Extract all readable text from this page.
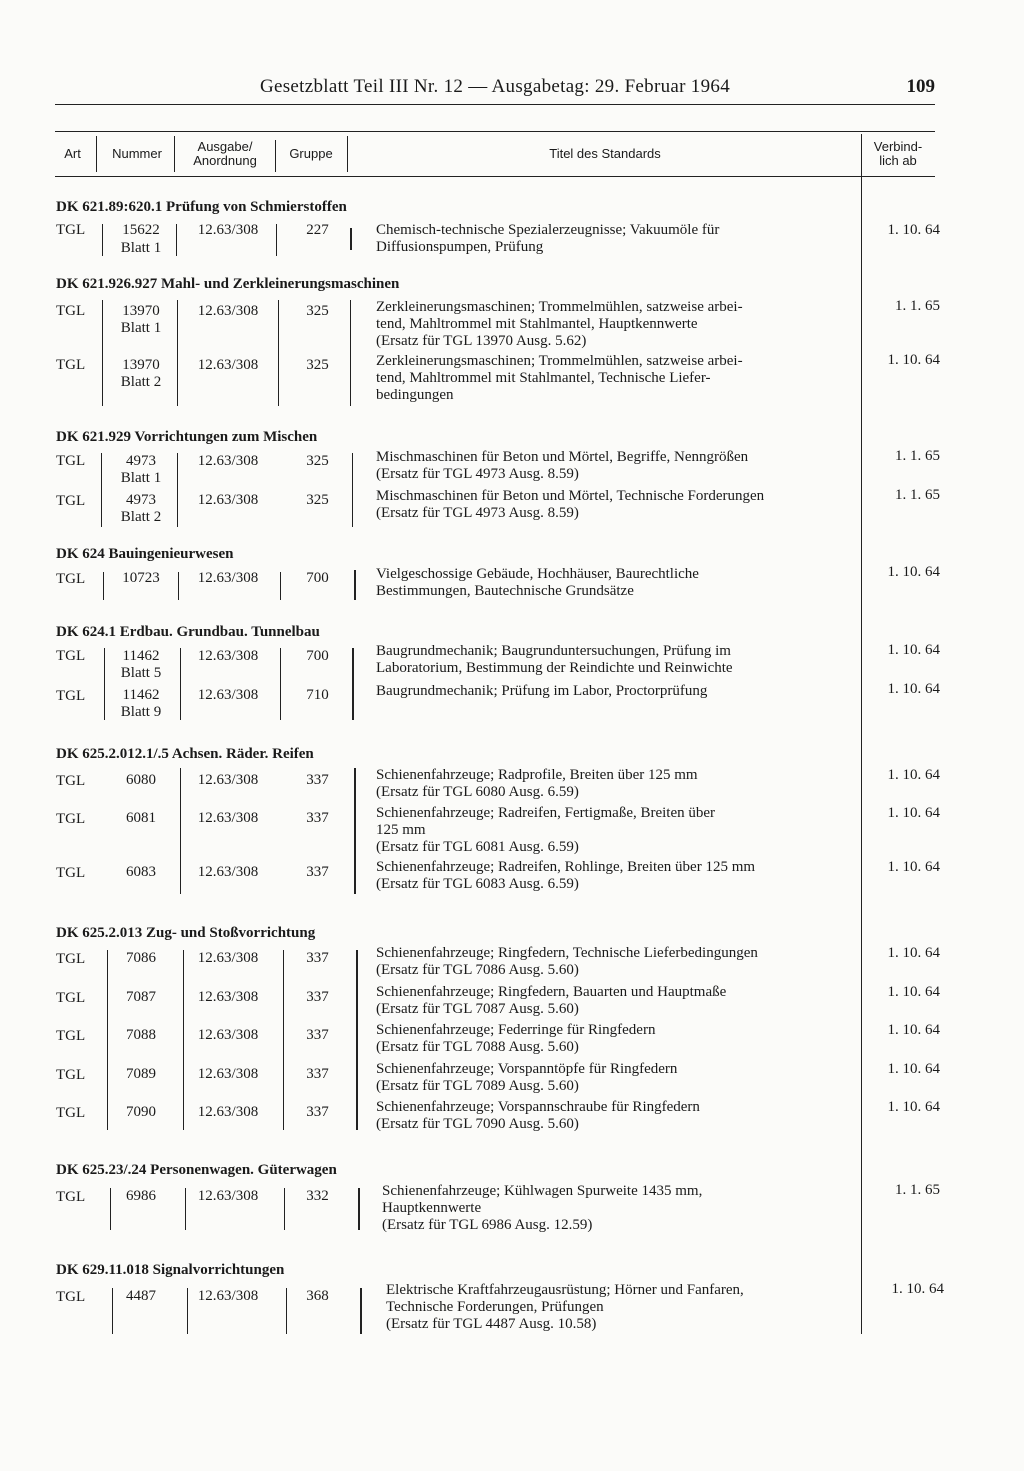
Gesetzblatt Teil III Nr. 12 — Ausgabetag: 29. Februar 1964	109
Art	Nummer	Ausgabe/
Anordnung	Gruppe	Titel des Standards	Verbind-
lich ab
DK 621.89:620.1 Prüfung von Schmierstoffen
TGL	15622
Blatt 1
12.63/308	227	Chemisch-technische Spezialerzeugnisse; Vakuumöle für
Diffusionspumpen, Prüfung
1. 10. 64
DK 621.926.927 Mahl- und Zerkleinerungsmaschinen
TGL	13970
Blatt 1
12.63/308	325	Zerkleinerungsmaschinen; Trommelmühlen, satzweise arbei-
tend, Mahltrommel mit Stahlmantel, Hauptkennwerte
(Ersatz für TGL 13970 Ausg. 5.62)
1. 1. 65
TGL	13970
Blatt 2
12.63/308	325	Zerkleinerungsmaschinen; Trommelmühlen, satzweise arbei-
tend, Mahltrommel mit Stahlmantel, Technische Liefer-
bedingungen
1. 10. 64
DK 621.929 Vorrichtungen zum Mischen
TGL	4973
Blatt 1
12.63/308	325	Mischmaschinen für Beton und Mörtel, Begriffe, Nenngrößen
(Ersatz für TGL 4973 Ausg. 8.59)
1. 1. 65
TGL	4973
Blatt 2
12.63/308	325	Mischmaschinen für Beton und Mörtel, Technische Forderungen
(Ersatz für TGL 4973 Ausg. 8.59)
1. 1. 65
DK 624 Bauingenieurwesen
TGL	10723	12.63/308	700	Vielgeschossige Gebäude, Hochhäuser, Baurechtliche
Bestimmungen, Bautechnische Grundsätze
1. 10. 64
DK 624.1 Erdbau. Grundbau. Tunnelbau
TGL	11462
Blatt 5
12.63/308	700	Baugrundmechanik; Baugrunduntersuchungen, Prüfung im
Laboratorium, Bestimmung der Reindichte und Reinwichte
1. 10. 64
TGL	11462
Blatt 9
12.63/308	710	Baugrundmechanik; Prüfung im Labor, Proctorprüfung	1. 10. 64
DK 625.2.012.1/.5 Achsen. Räder. Reifen
TGL	6080	12.63/308	337	Schienenfahrzeuge; Radprofile, Breiten über 125 mm
(Ersatz für TGL 6080 Ausg. 6.59)
1. 10. 64
TGL	6081	12.63/308	337	Schienenfahrzeuge; Radreifen, Fertigmaße, Breiten über
125 mm
(Ersatz für TGL 6081 Ausg. 6.59)
1. 10. 64
TGL	6083	12.63/308	337	Schienenfahrzeuge; Radreifen, Rohlinge, Breiten über 125 mm
(Ersatz für TGL 6083 Ausg. 6.59)
1. 10. 64
DK 625.2.013 Zug- und Stoßvorrichtung
TGL	7086	12.63/308	337	Schienenfahrzeuge; Ringfedern, Technische Lieferbedingungen
(Ersatz für TGL 7086 Ausg. 5.60)
1. 10. 64
TGL	7087	12.63/308	337	Schienenfahrzeuge; Ringfedern, Bauarten und Hauptmaße
(Ersatz für TGL 7087 Ausg. 5.60)
1. 10. 64
TGL	7088	12.63/308	337	Schienenfahrzeuge; Federringe für Ringfedern
(Ersatz für TGL 7088 Ausg. 5.60)
1. 10. 64
TGL	7089	12.63/308	337	Schienenfahrzeuge; Vorspanntöpfe für Ringfedern
(Ersatz für TGL 7089 Ausg. 5.60)
1. 10. 64
TGL	7090	12.63/308	337	Schienenfahrzeuge; Vorspannschraube für Ringfedern
(Ersatz für TGL 7090 Ausg. 5.60)
1. 10. 64
DK 625.23/.24 Personenwagen. Güterwagen
TGL	6986	12.63/308	332	Schienenfahrzeuge; Kühlwagen Spurweite 1435 mm,
Hauptkennwerte
(Ersatz für TGL 6986 Ausg. 12.59)
1. 1. 65
DK 629.11.018 Signalvorrichtungen
TGL	4487	12.63/308	368	Elektrische Kraftfahrzeugausrüstung; Hörner und Fanfaren,
Technische Forderungen, Prüfungen
(Ersatz für TGL 4487 Ausg. 10.58)
1. 10. 64
